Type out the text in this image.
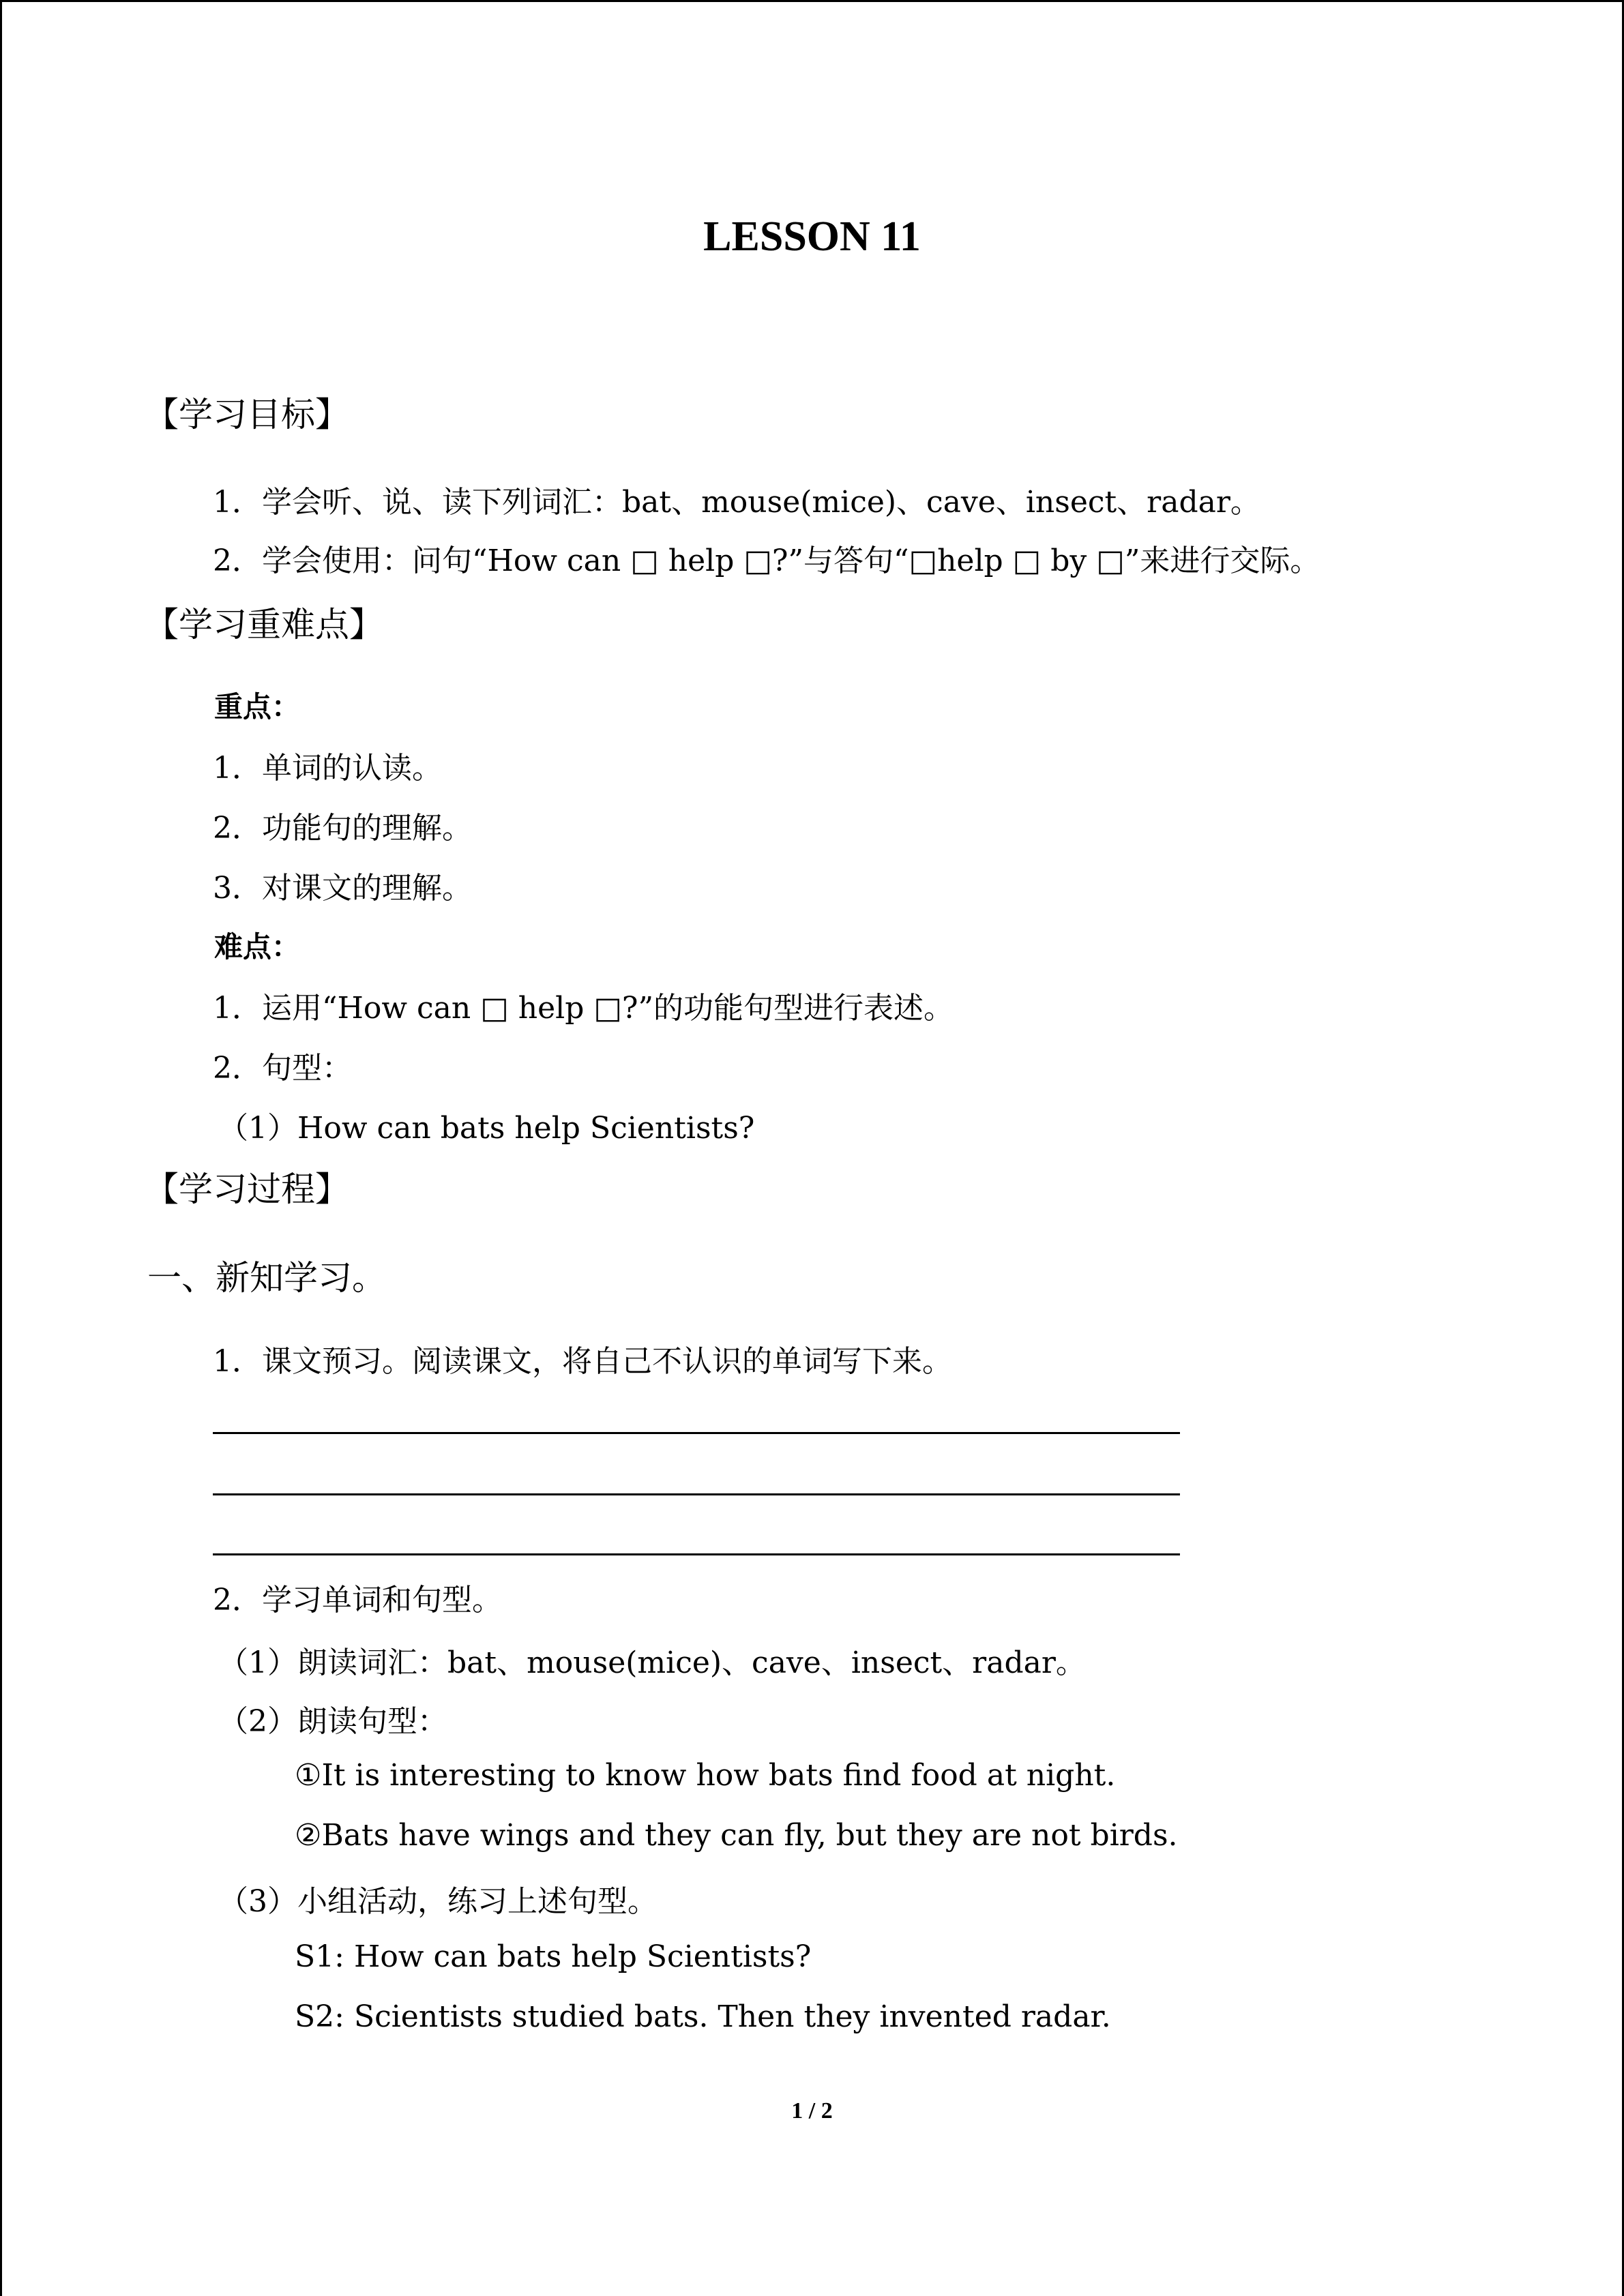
LESSON 11
【学习目标】
1．学会听、说、读下列词汇：bat、mouse(mice)、cave、insect、radar。
2．学会使用：问句“How can □ help □?”与答句“□help □ by □”来进行交际。
【学习重难点】
重点：
1．单词的认读。
2．功能句的理解。
3．对课文的理解。
难点：
1．运用“How can □ help □?”的功能句型进行表述。
2．句型：
（1）How can bats help Scientists?
【学习过程】
一、新知学习。
1．课文预习。阅读课文，将自己不认识的单词写下来。
2．学习单词和句型。
（1）朗读词汇：bat、mouse(mice)、cave、insect、radar。
（2）朗读句型：
①It is interesting to know how bats find food at night.
②Bats have wings and they can fly, but they are not birds.
（3）小组活动，练习上述句型。
S1: How can bats help Scientists?
S2: Scientists studied bats. Then they invented radar.
1 / 2
